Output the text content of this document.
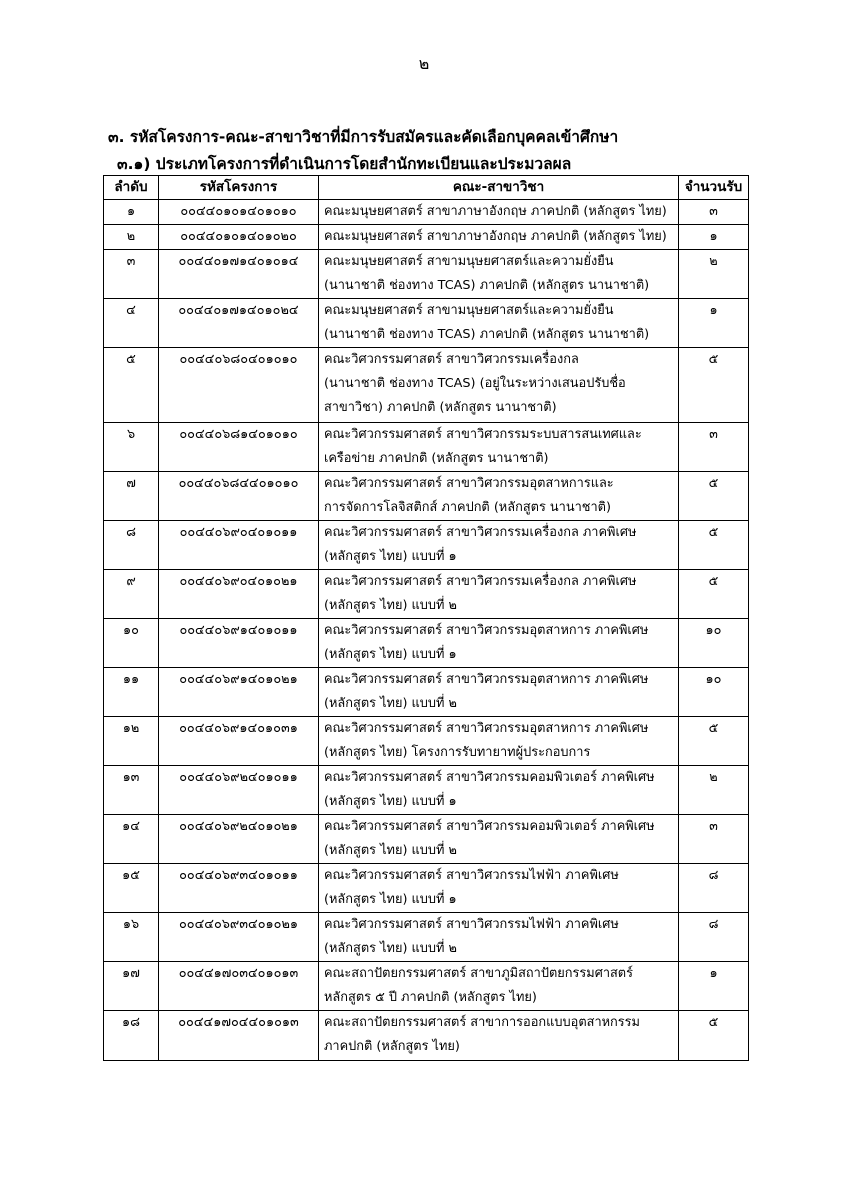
๒
๓. รหัสโครงการ-คณะ-สาขาวิชาที่มีการรับสมัครและคัดเลือกบุคคลเข้าศึกษา
๓.๑) ประเภทโครงการที่ดำเนินการโดยสำนักทะเบียนและประมวลผล
ลำดับ	รหัสโครงการ	คณะ-สาขาวิชา	จำนวนรับ
๑	๐๐๔๔๐๑๐๑๔๐๑๐๑๐	คณะมนุษยศาสตร์ สาขาภาษาอังกฤษ ภาคปกติ (หลักสูตร ไทย)	๓
๒	๐๐๔๔๐๑๐๑๔๐๑๐๒๐	คณะมนุษยศาสตร์ สาขาภาษาอังกฤษ ภาคปกติ (หลักสูตร ไทย)	๑
๓	๐๐๔๔๐๑๗๑๔๐๑๐๑๔	คณะมนุษยศาสตร์ สาขามนุษยศาสตร์และความยั่งยืน
(นานาชาติ ช่องทาง TCAS) ภาคปกติ (หลักสูตร นานาชาติ)	๒
๔	๐๐๔๔๐๑๗๑๔๐๑๐๒๔	คณะมนุษยศาสตร์ สาขามนุษยศาสตร์และความยั่งยืน
(นานาชาติ ช่องทาง TCAS) ภาคปกติ (หลักสูตร นานาชาติ)	๑
๕	๐๐๔๔๐๖๘๐๔๐๑๐๑๐	คณะวิศวกรรมศาสตร์ สาขาวิศวกรรมเครื่องกล
(นานาชาติ ช่องทาง TCAS) (อยู่ในระหว่างเสนอปรับชื่อ
สาขาวิชา) ภาคปกติ (หลักสูตร นานาชาติ)	๕
๖	๐๐๔๔๐๖๘๑๔๐๑๐๑๐	คณะวิศวกรรมศาสตร์ สาขาวิศวกรรมระบบสารสนเทศและ
เครือข่าย ภาคปกติ (หลักสูตร นานาชาติ)	๓
๗	๐๐๔๔๐๖๘๔๔๐๑๐๑๐	คณะวิศวกรรมศาสตร์ สาขาวิศวกรรมอุตสาหการและ
การจัดการโลจิสติกส์ ภาคปกติ (หลักสูตร นานาชาติ)	๕
๘	๐๐๔๔๐๖๙๐๔๐๑๐๑๑	คณะวิศวกรรมศาสตร์ สาขาวิศวกรรมเครื่องกล ภาคพิเศษ
(หลักสูตร ไทย) แบบที่ ๑	๕
๙	๐๐๔๔๐๖๙๐๔๐๑๐๒๑	คณะวิศวกรรมศาสตร์ สาขาวิศวกรรมเครื่องกล ภาคพิเศษ
(หลักสูตร ไทย) แบบที่ ๒	๕
๑๐	๐๐๔๔๐๖๙๑๔๐๑๐๑๑	คณะวิศวกรรมศาสตร์ สาขาวิศวกรรมอุตสาหการ ภาคพิเศษ
(หลักสูตร ไทย) แบบที่ ๑	๑๐
๑๑	๐๐๔๔๐๖๙๑๔๐๑๐๒๑	คณะวิศวกรรมศาสตร์ สาขาวิศวกรรมอุตสาหการ ภาคพิเศษ
(หลักสูตร ไทย) แบบที่ ๒	๑๐
๑๒	๐๐๔๔๐๖๙๑๔๐๑๐๓๑	คณะวิศวกรรมศาสตร์ สาขาวิศวกรรมอุตสาหการ ภาคพิเศษ
(หลักสูตร ไทย) โครงการรับทายาทผู้ประกอบการ	๕
๑๓	๐๐๔๔๐๖๙๒๔๐๑๐๑๑	คณะวิศวกรรมศาสตร์ สาขาวิศวกรรมคอมพิวเตอร์ ภาคพิเศษ
(หลักสูตร ไทย) แบบที่ ๑	๒
๑๔	๐๐๔๔๐๖๙๒๔๐๑๐๒๑	คณะวิศวกรรมศาสตร์ สาขาวิศวกรรมคอมพิวเตอร์ ภาคพิเศษ
(หลักสูตร ไทย) แบบที่ ๒	๓
๑๕	๐๐๔๔๐๖๙๓๔๐๑๐๑๑	คณะวิศวกรรมศาสตร์ สาขาวิศวกรรมไฟฟ้า ภาคพิเศษ
(หลักสูตร ไทย) แบบที่ ๑	๘
๑๖	๐๐๔๔๐๖๙๓๔๐๑๐๒๑	คณะวิศวกรรมศาสตร์ สาขาวิศวกรรมไฟฟ้า ภาคพิเศษ
(หลักสูตร ไทย) แบบที่ ๒	๘
๑๗	๐๐๔๔๑๗๐๓๔๐๑๐๑๓	คณะสถาปัตยกรรมศาสตร์ สาขาภูมิสถาปัตยกรรมศาสตร์
หลักสูตร ๕ ปี ภาคปกติ (หลักสูตร ไทย)	๑
๑๘	๐๐๔๔๑๗๐๔๔๐๑๐๑๓	คณะสถาปัตยกรรมศาสตร์ สาขาการออกแบบอุตสาหกรรม
ภาคปกติ (หลักสูตร ไทย)	๕
